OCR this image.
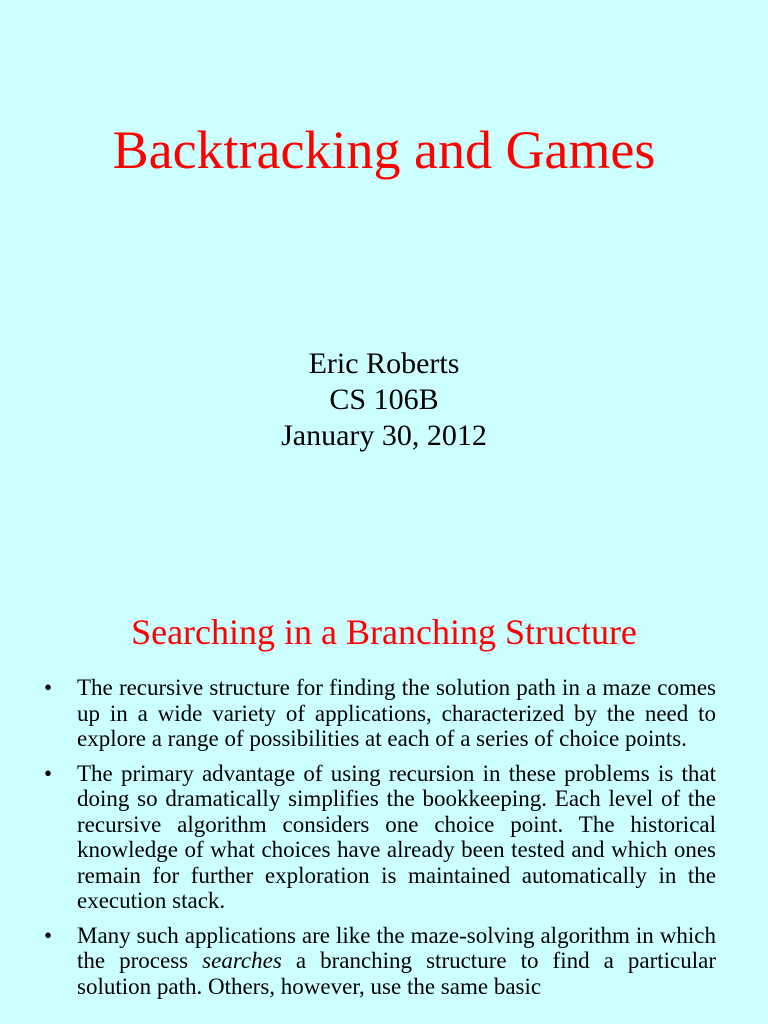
Backtracking and Games
Eric Roberts
CS 106B
January 30, 2012
Searching in a Branching Structure
• The recursive structure for finding the solution path in a maze comes up in a wide variety of applications, characterized by the need to explore a range of possibilities at each of a series of choice points.
• The primary advantage of using recursion in these problems is that doing so dramatically simplifies the bookkeeping. Each level of the recursive algorithm considers one choice point. The historical knowledge of what choices have already been tested and which ones remain for further exploration is maintained automatically in the execution stack.
• Many such applications are like the maze-solving algorithm in which the process searches a branching structure to find a particular solution path. Others, however, use the same basic
